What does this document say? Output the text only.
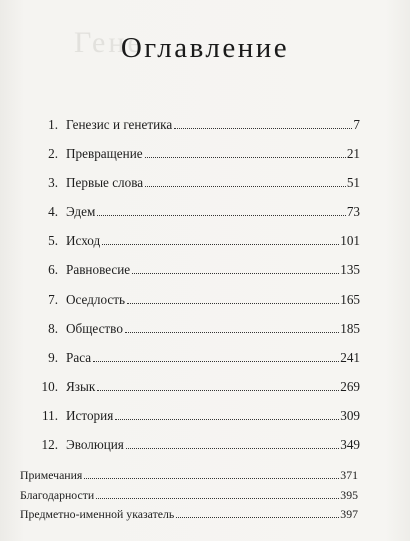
Гене
Оглавление
1. Генезис и генетика	7
2. Превращение	21
3. Первые слова	51
4. Эдем	73
5. Исход	101
6. Равновесие	135
7. Оседлость	165
8. Общество	185
9. Раса	241
10. Язык	269
11. История	309
12. Эволюция	349
Примечания	371
Благодарности	395
Предметно-именной указатель	397
